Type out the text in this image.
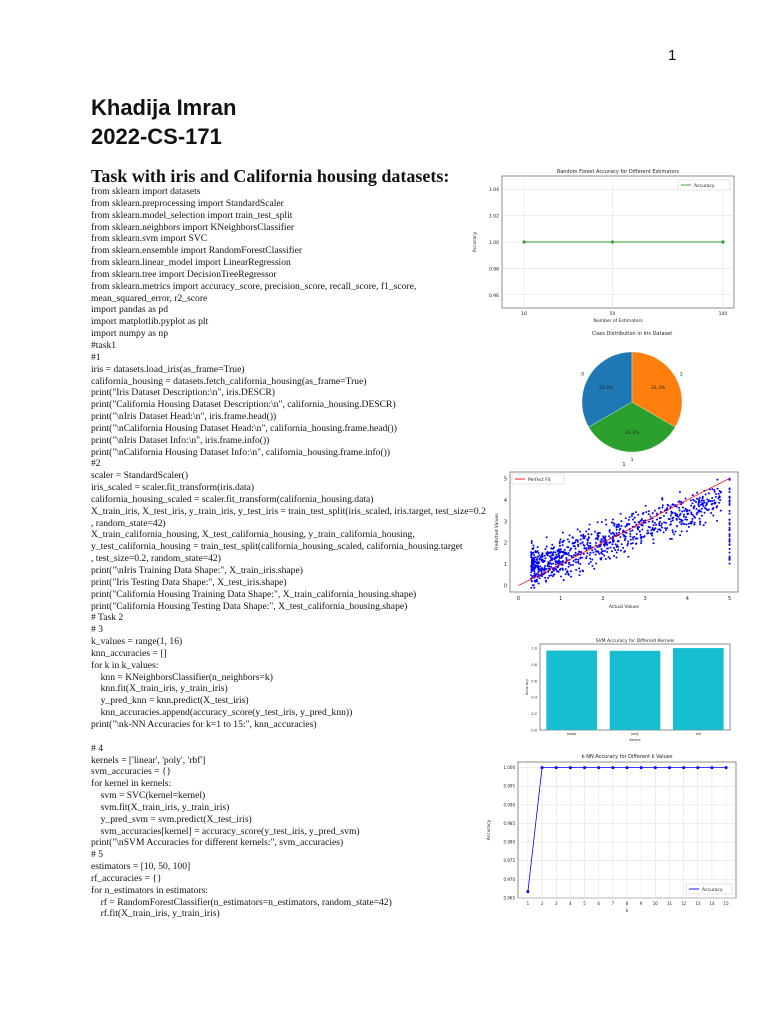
1
Khadija Imran
2022-CS-171
Task with iris and California housing datasets:
from sklearn import datasets
from sklearn.preprocessing import StandardScaler
from sklearn.model_selection import train_test_split
from sklearn.neighbors import KNeighborsClassifier
from sklearn.svm import SVC
from sklearn.ensemble import RandomForestClassifier
from sklearn.linear_model import LinearRegression
from sklearn.tree import DecisionTreeRegressor
from sklearn.metrics import accuracy_score, precision_score, recall_score, f1_score,
mean_squared_error, r2_score
import pandas as pd
import matplotlib.pyplot as plt
import numpy as np
#task1
#1
iris = datasets.load_iris(as_frame=True)
california_housing = datasets.fetch_california_housing(as_frame=True)
print("Iris Dataset Description:\n", iris.DESCR)
print("California Housing Dataset Description:\n", california_housing.DESCR)
print("\nIris Dataset Head:\n", iris.frame.head())
print("\nCalifornia Housing Dataset Head:\n", california_housing.frame.head())
print("\nIris Dataset Info:\n", iris.frame.info())
print("\nCalifornia Housing Dataset Info:\n", california_housing.frame.info())
#2
scaler = StandardScaler()
iris_scaled = scaler.fit_transform(iris.data)
california_housing_scaled = scaler.fit_transform(california_housing.data)
X_train_iris, X_test_iris, y_train_iris, y_test_iris = train_test_split(iris_scaled, iris.target, test_size=0.2
, random_state=42)
X_train_california_housing, X_test_california_housing, y_train_california_housing,
y_test_california_housing = train_test_split(california_housing_scaled, california_housing.target
, test_size=0.2, random_state=42)
print("\nIris Training Data Shape:", X_train_iris.shape)
print("Iris Testing Data Shape:", X_test_iris.shape)
print("California Housing Training Data Shape:", X_train_california_housing.shape)
print("California Housing Testing Data Shape:", X_test_california_housing.shape)
# Task 2
# 3
k_values = range(1, 16)
knn_accuracies = []
for k in k_values:
knn = KNeighborsClassifier(n_neighbors=k)
knn.fit(X_train_iris, y_train_iris)
y_pred_knn = knn.predict(X_test_iris)
knn_accuracies.append(accuracy_score(y_test_iris, y_pred_knn))
print("\nk-NN Accuracies for k=1 to 15:", knn_accuracies)
# 4
kernels = ['linear', 'poly', 'rbf']
svm_accuracies = {}
for kernel in kernels:
svm = SVC(kernel=kernel)
svm.fit(X_train_iris, y_train_iris)
y_pred_svm = svm.predict(X_test_iris)
svm_accuracies[kernel] = accuracy_score(y_test_iris, y_pred_svm)
print("\nSVM Accuracies for different kernels:", svm_accuracies)
# 5
estimators = [10, 50, 100]
rf_accuracies = {}
for n_estimators in estimators:
rf = RandomForestClassifier(n_estimators=n_estimators, random_state=42)
rf.fit(X_train_iris, y_train_iris)
Random Forest Accuracy for Different Estimators
0.96
0.98
1.00
1.02
1.04
10	50	100
Number of Estimators
Accuracy
Accuracy
Class Distribution in Iris Dataset
33.3%
0
33.3%
1
33.3%
2
1
0	1	2	3	4	5
0
1
2
3
4
5
Actual Values
Predicted Values
Perfect Fit
SVM Accuracy for Different Kernels
0.0
0.2
0.4
0.6
0.8
1.0
linear	poly	rbf
Kernel
Accuracy
k-NN Accuracy for Different k Values
0.965
0.970
0.975
0.980
0.985
0.990
0.995
1.000
1	2	3	4	5	6	7	8	9	10 11 12 13 14 15
k
Accuracy
Accuracy
